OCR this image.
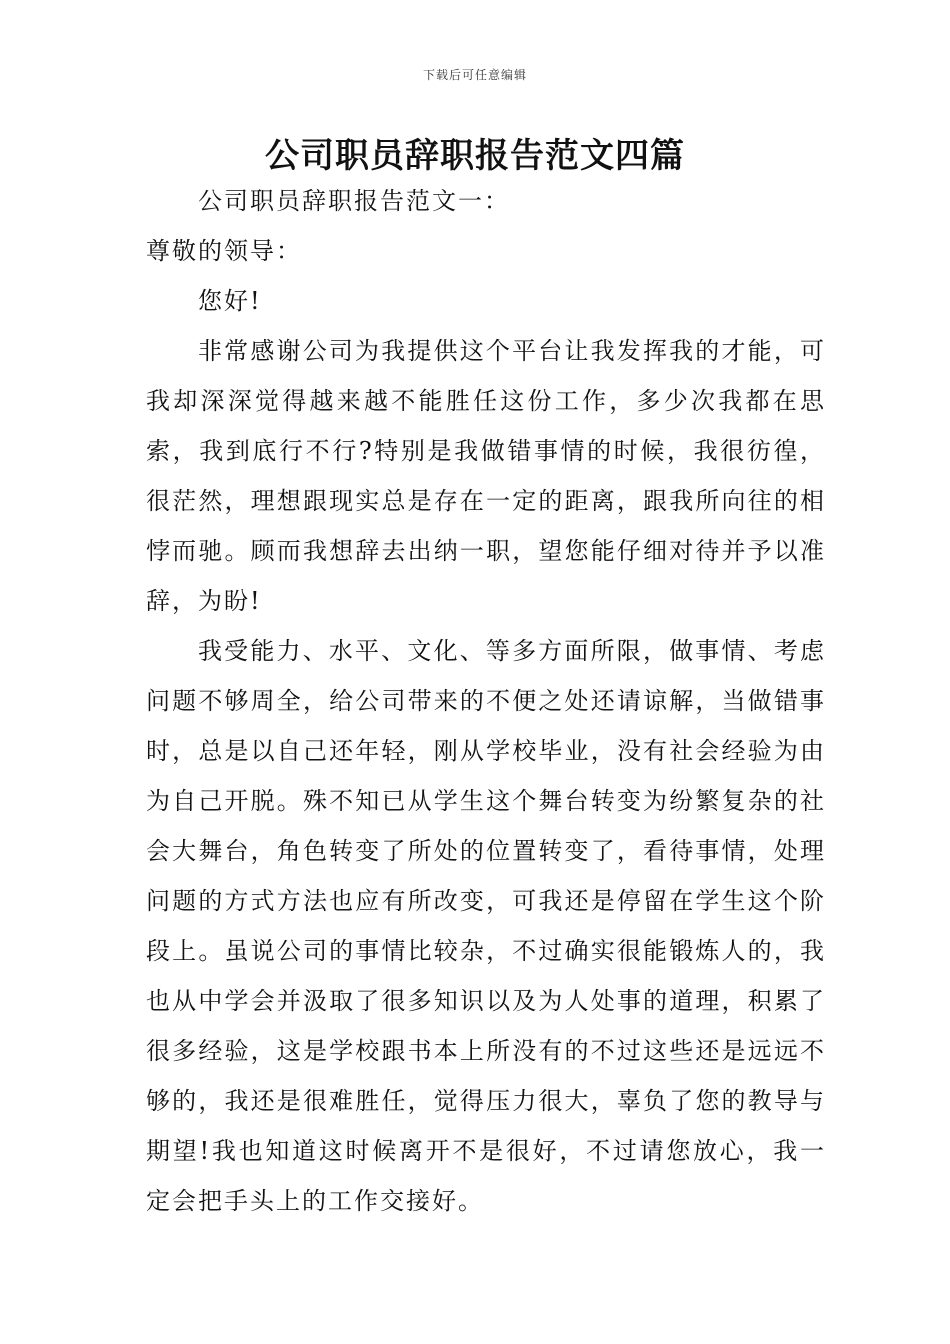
下载后可任意编辑
公司职员辞职报告范文四篇

公司职员辞职报告范文一：

尊敬的领导：

您好!

非常感谢公司为我提供这个平台让我发挥我的才能，可我却深深觉得越来越不能胜任这份工作，多少次我都在思索，我到底行不行?特别是我做错事情的时候，我很彷徨，很茫然，理想跟现实总是存在一定的距离，跟我所向往的相悖而驰。顾而我想辞去出纳一职，望您能仔细对待并予以准辞，为盼!

我受能力、水平、文化、等多方面所限，做事情、考虑问题不够周全，给公司带来的不便之处还请谅解，当做错事时，总是以自己还年轻，刚从学校毕业，没有社会经验为由为自己开脱。殊不知已从学生这个舞台转变为纷繁复杂的社会大舞台，角色转变了所处的位置转变了，看待事情，处理问题的方式方法也应有所改变，可我还是停留在学生这个阶段上。虽说公司的事情比较杂，不过确实很能锻炼人的，我也从中学会并汲取了很多知识以及为人处事的道理，积累了很多经验，这是学校跟书本上所没有的不过这些还是远远不够的，我还是很难胜任，觉得压力很大，辜负了您的教导与期望!我也知道这时候离开不是很好，不过请您放心，我一定会把手头上的工作交接好。
